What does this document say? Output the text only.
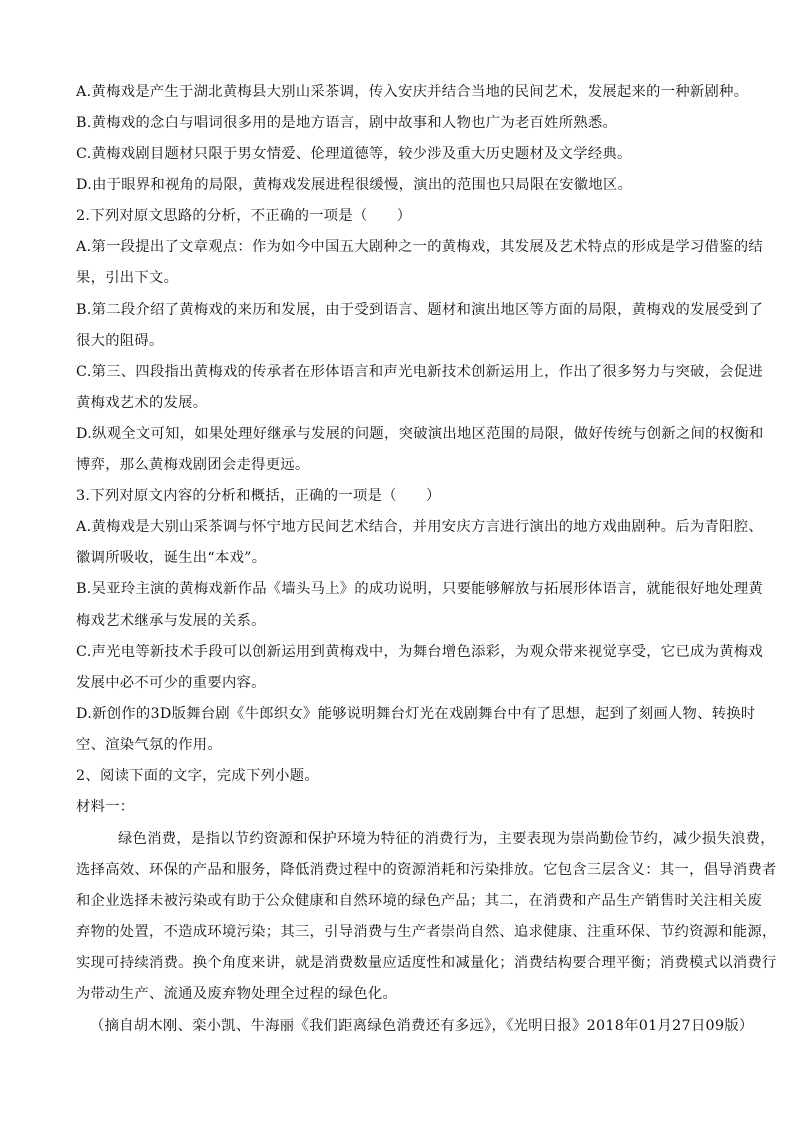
A.黄梅戏是产生于湖北黄梅县大别山采茶调，传入安庆并结合当地的民间艺术，发展起来的一种新剧种。
B.黄梅戏的念白与唱词很多用的是地方语言，剧中故事和人物也广为老百姓所熟悉。
C.黄梅戏剧目题材只限于男女情爱、伦理道德等，较少涉及重大历史题材及文学经典。
D.由于眼界和视角的局限，黄梅戏发展进程很缓慢，演出的范围也只局限在安徽地区。
2.下列对原文思路的分析，不正确的一项是（　　）
A.第一段提出了文章观点：作为如今中国五大剧种之一的黄梅戏，其发展及艺术特点的形成是学习借鉴的结
果，引出下文。
B.第二段介绍了黄梅戏的来历和发展，由于受到语言、题材和演出地区等方面的局限，黄梅戏的发展受到了
很大的阻碍。
C.第三、四段指出黄梅戏的传承者在形体语言和声光电新技术创新运用上，作出了很多努力与突破，会促进
黄梅戏艺术的发展。
D.纵观全文可知，如果处理好继承与发展的问题，突破演出地区范围的局限，做好传统与创新之间的权衡和
博弈，那么黄梅戏剧团会走得更远。
3.下列对原文内容的分析和概括，正确的一项是（　　）
A.黄梅戏是大别山采茶调与怀宁地方民间艺术结合，并用安庆方言进行演出的地方戏曲剧种。后为青阳腔、
徽调所吸收，诞生出“本戏”。
B.吴亚玲主演的黄梅戏新作品《墙头马上》的成功说明，只要能够解放与拓展形体语言，就能很好地处理黄
梅戏艺术继承与发展的关系。
C.声光电等新技术手段可以创新运用到黄梅戏中，为舞台增色添彩，为观众带来视觉享受，它已成为黄梅戏
发展中必不可少的重要内容。
D.新创作的3D版舞台剧《牛郎织女》能够说明舞台灯光在戏剧舞台中有了思想，起到了刻画人物、转换时
空、渲染气氛的作用。
2、阅读下面的文字，完成下列小题。
材料一：
绿色消费，是指以节约资源和保护环境为特征的消费行为，主要表现为崇尚勤俭节约，减少损失浪费，
选择高效、环保的产品和服务，降低消费过程中的资源消耗和污染排放。它包含三层含义：其一，倡导消费者
和企业选择未被污染或有助于公众健康和自然环境的绿色产品；其二，在消费和产品生产销售时关注相关废
弃物的处置，不造成环境污染；其三，引导消费与生产者崇尚自然、追求健康、注重环保、节约资源和能源，
实现可持续消费。换个角度来讲，就是消费数量应适度性和减量化；消费结构要合理平衡；消费模式以消费行
为带动生产、流通及废弃物处理全过程的绿色化。
（摘自胡木刚、栾小凯、牛海丽《我们距离绿色消费还有多远》，《光明日报》2018年01月27日09版）
